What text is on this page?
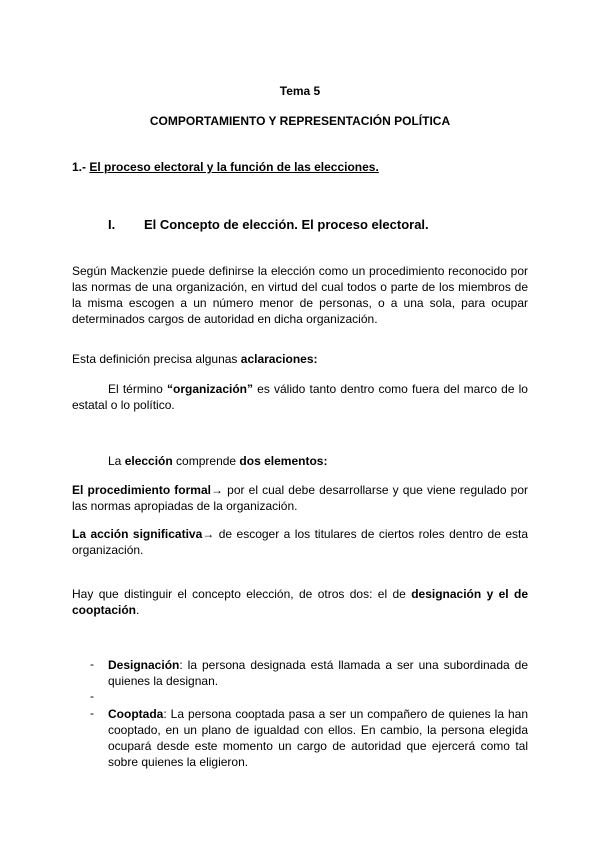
Tema 5
COMPORTAMIENTO Y REPRESENTACIÓN POLÍTICA
1.- El proceso electoral y la función de las elecciones.
I. El Concepto de elección. El proceso electoral.
Según Mackenzie puede definirse la elección como un procedimiento reconocido por las normas de una organización, en virtud del cual todos o parte de los miembros de la misma escogen a un número menor de personas, o a una sola, para ocupar determinados cargos de autoridad en dicha organización.
Esta definición precisa algunas aclaraciones:
El término “organización” es válido tanto dentro como fuera del marco de lo estatal o lo político.
La elección comprende dos elementos:
El procedimiento formal→ por el cual debe desarrollarse y que viene regulado por las normas apropiadas de la organización.
La acción significativa→ de escoger a los titulares de ciertos roles dentro de esta organización.
Hay que distinguir el concepto elección, de otros dos: el de designación y el de cooptación.
- Designación: la persona designada está llamada a ser una subordinada de quienes la designan.
-
- Cooptada: La persona cooptada pasa a ser un compañero de quienes la han cooptado, en un plano de igualdad con ellos. En cambio, la persona elegida ocupará desde este momento un cargo de autoridad que ejercerá como tal sobre quienes la eligieron.
